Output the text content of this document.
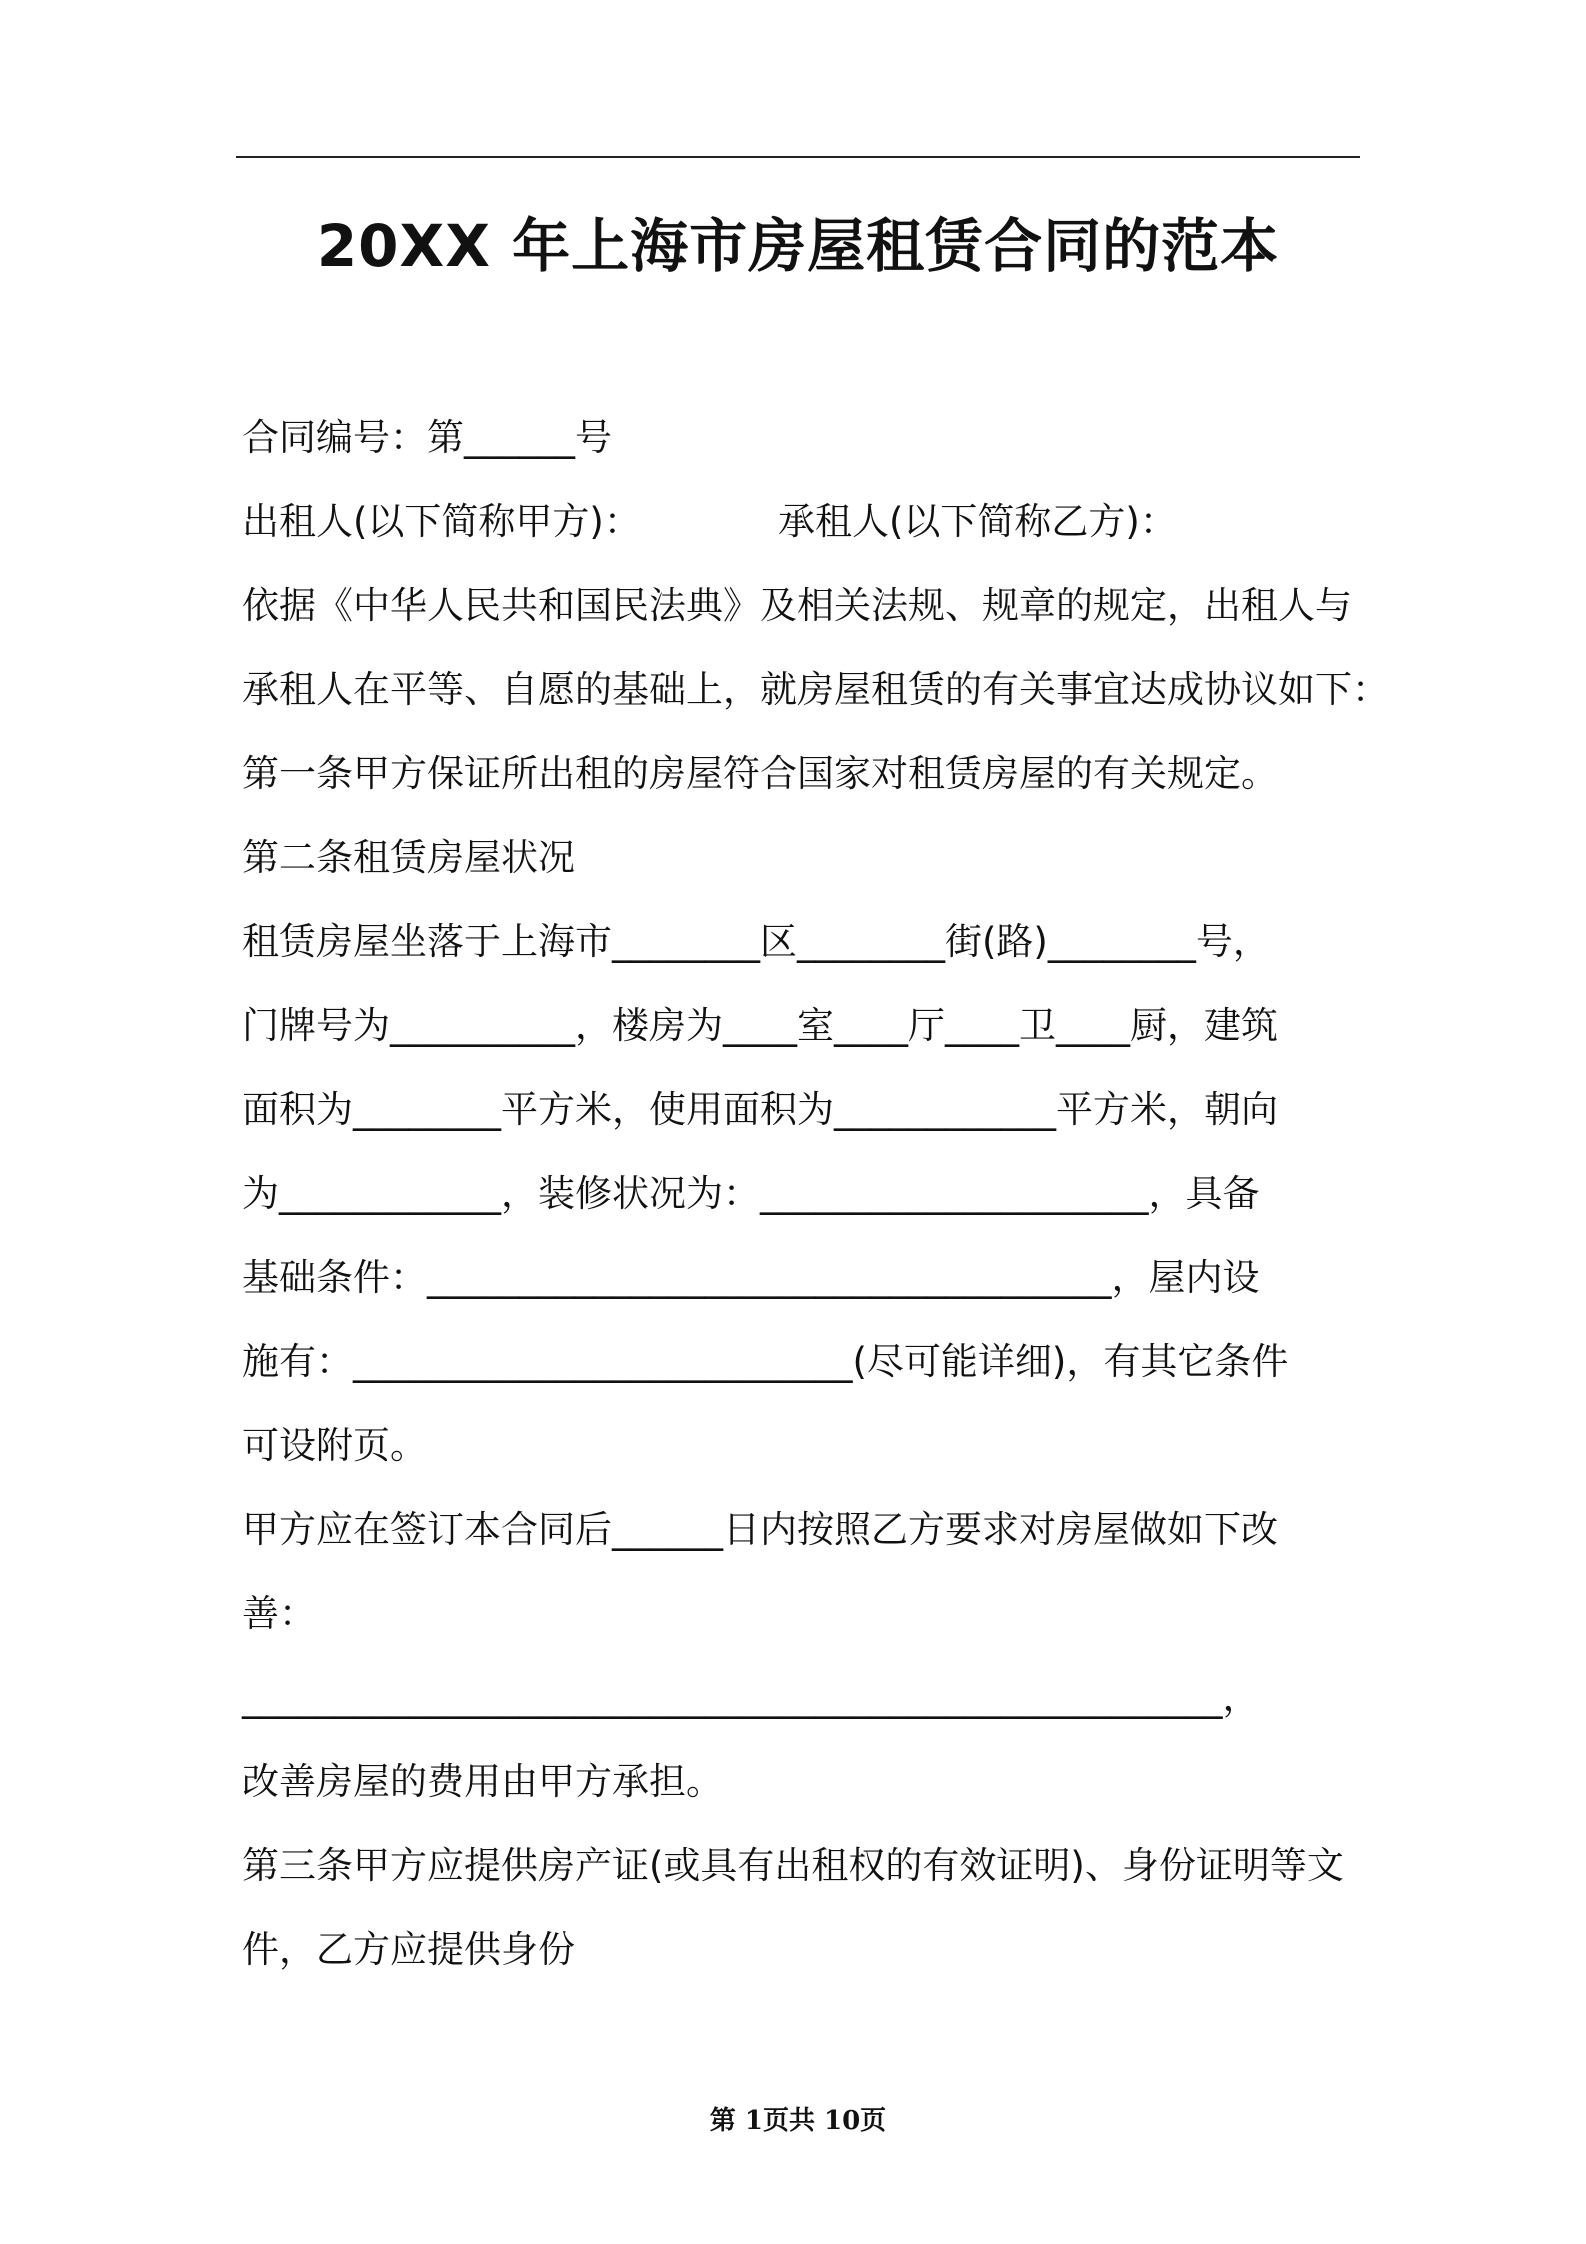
20XX 年上海市房屋租赁合同的范本
合同编号：第______号
出租人(以下简称甲方)：	承租人(以下简称乙方)：
依据《中华人民共和国民法典》及相关法规、规章的规定，出租人与
承租人在平等、自愿的基础上，就房屋租赁的有关事宜达成协议如下：
第一条甲方保证所出租的房屋符合国家对租赁房屋的有关规定。
第二条租赁房屋状况
租赁房屋坐落于上海市________区________街(路)________号，
门牌号为__________，楼房为____室____厅____卫____厨，建筑
面积为________平方米，使用面积为____________平方米，朝向
为____________，装修状况为：_____________________，具备
基础条件：_____________________________________，屋内设
施有：___________________________(尽可能详细)，有其它条件
可设附页。
甲方应在签订本合同后______日内按照乙方要求对房屋做如下改
善：
_____________________________________________________，
改善房屋的费用由甲方承担。
第三条甲方应提供房产证(或具有出租权的有效证明)、身份证明等文
件，乙方应提供身份
第 1页共 10页
